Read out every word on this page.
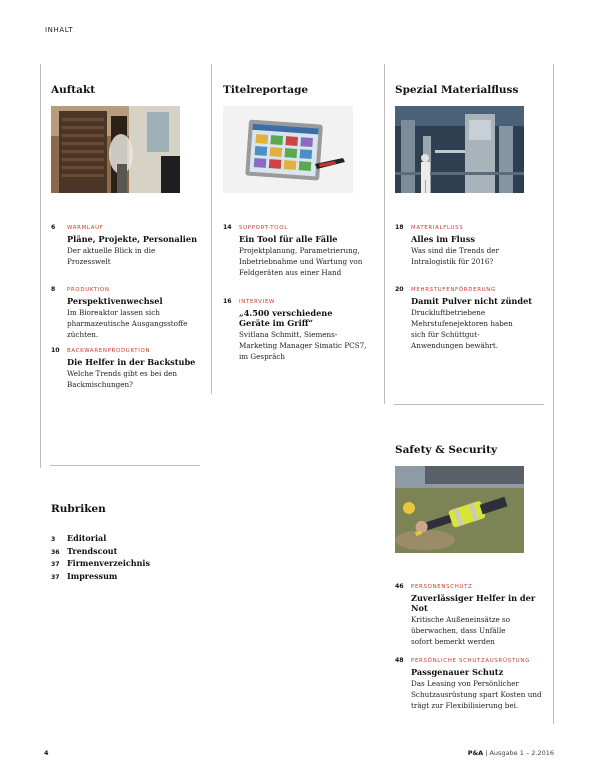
INHALT
Auftakt
6	WARMLAUF
Pläne, Projekte, Personalien
Der aktuelle Blick in die Prozesswelt
8	PRODUKTION
Perspektivenwechsel
Im Bioreaktor lassen sich pharmazeutische Ausgangsstoffe züchten.
10	BACKWARENPRODUKTION
Die Helfer in der Backstube
Welche Trends gibt es bei den Backmischungen?
Rubriken
3	Editorial
36 Trendscout
37 Firmenverzeichnis
37 Impressum
Titelreportage
14	SUPPORT-TOOL
Ein Tool für alle Fälle
Projektplanung, Parametrierung, Inbetriebnahme und Wartung von Feldgeräten aus einer Hand
16	INTERVIEW
„4.500 verschiedene Geräte im Griff“
Svitlana Schmitt, Siemens-Marketing Manager Simatic PCS7, im Gespräch
Spezial Materialfluss
18	MATERIALFLUSS
Alles im Fluss
Was sind die Trends der Intralogistik für 2016?
20	MEHRSTUFENFÖRDERUNG
Damit Pulver nicht zündet
Druckluftbetriebene Mehrstufenejektoren haben sich für Schüttgut-Anwendungen bewährt.
Safety & Security
46	PERSONENSCHUTZ
Zuverlässiger Helfer in der Not
Kritische Außeneinsätze so überwachen, dass Unfälle sofort bemerkt werden
48	PERSÖNLICHE SCHUTZAUSRÜSTUNG
Passgenauer Schutz
Das Leasing von Persönlicher Schutzausrüstung spart Kosten und trägt zur Flexibilisierung bei.
4	P&A | Ausgabe 1 – 2.2016
